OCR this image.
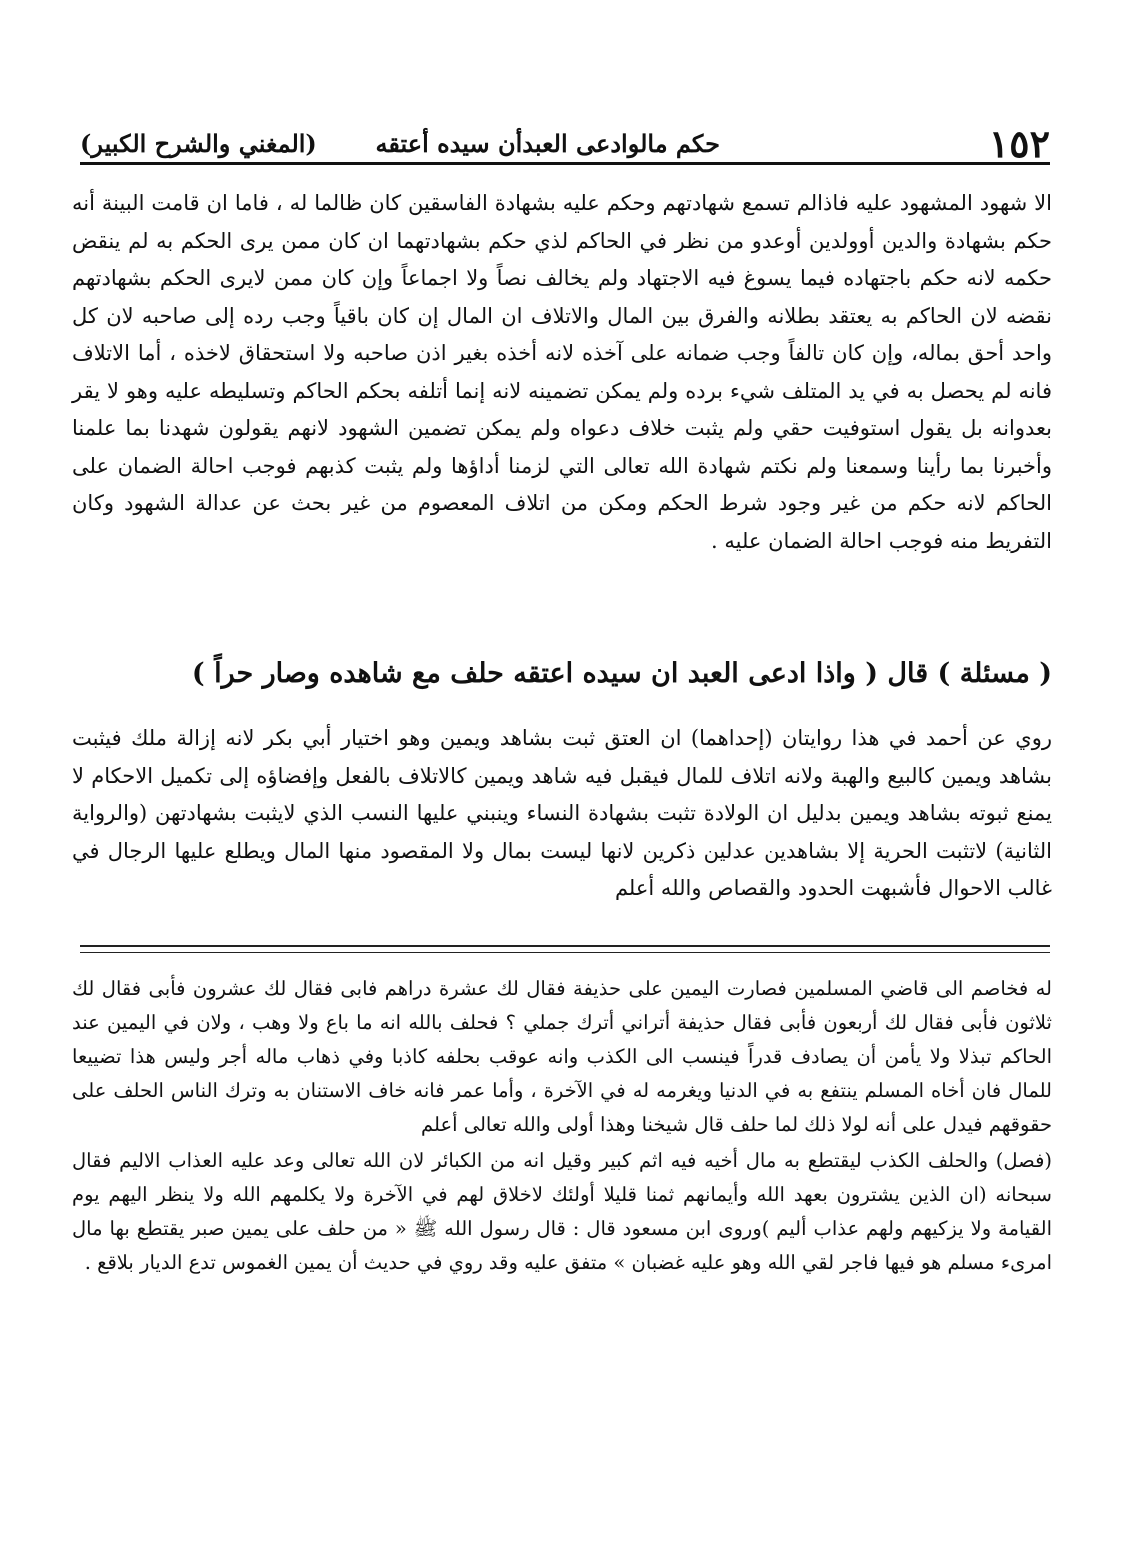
١٥٢
حكم مالوادعى العبدأن سيده أعتقه
(المغني والشرح الكبير)

الا شهود المشهود عليه فاذالم تسمع شهادتهم وحكم عليه بشهادة الفاسقين كان ظالما له ، فاما ان قامت البينة أنه حكم بشهادة والدين أوولدين أوعدو من نظر في الحاكم لذي حكم بشهادتهما ان كان ممن يرى الحكم به لم ينقض حكمه لانه حكم باجتهاده فيما يسوغ فيه الاجتهاد ولم يخالف نصاً ولا اجماعاً وإن كان ممن لايرى الحكم بشهادتهم نقضه لان الحاكم به يعتقد بطلانه والفرق بين المال والاتلاف ان المال إن كان باقياً وجب رده إلى صاحبه لان كل واحد أحق بماله، وإن كان تالفاً وجب ضمانه على آخذه لانه أخذه بغير اذن صاحبه ولا استحقاق لاخذه ، أما الاتلاف فانه لم يحصل به في يد المتلف شيء برده ولم يمكن تضمينه لانه إنما أتلفه بحكم الحاكم وتسليطه عليه وهو لا يقر بعدوانه بل يقول استوفيت حقي ولم يثبت خلاف دعواه ولم يمكن تضمين الشهود لانهم يقولون شهدنا بما علمنا وأخبرنا بما رأينا وسمعنا ولم نكتم شهادة الله تعالى التي لزمنا أداؤها ولم يثبت كذبهم فوجب احالة الضمان على الحاكم لانه حكم من غير وجود شرط الحكم ومكن من اتلاف المعصوم من غير بحث عن عدالة الشهود وكان التفريط منه فوجب احالة الضمان عليه .

( مسئلة ) قال ( واذا ادعى العبد ان سيده اعتقه حلف مع شاهده وصار حراً )

روي عن أحمد في هذا روايتان (إحداهما) ان العتق ثبت بشاهد ويمين وهو اختيار أبي بكر لانه إزالة ملك فيثبت بشاهد ويمين كالبيع والهبة ولانه اتلاف للمال فيقبل فيه شاهد ويمين كالاتلاف بالفعل وإفضاؤه إلى تكميل الاحكام لا يمنع ثبوته بشاهد ويمين بدليل ان الولادة تثبت بشهادة النساء وينبني عليها النسب الذي لايثبت بشهادتهن (والرواية الثانية) لاتثبت الحرية إلا بشاهدين عدلين ذكرين لانها ليست بمال ولا المقصود منها المال ويطلع عليها الرجال في غالب الاحوال فأشبهت الحدود والقصاص والله أعلم

له فخاصم الى قاضي المسلمين فصارت اليمين على حذيفة فقال لك عشرة دراهم فابى فقال لك عشرون فأبى فقال لك ثلاثون فأبى فقال لك أربعون فأبى فقال حذيفة أتراني أترك جملي ؟ فحلف بالله انه ما باع ولا وهب ، ولان في اليمين عند الحاكم تبذلا ولا يأمن أن يصادف قدراً فينسب الى الكذب وانه عوقب بحلفه كاذبا وفي ذهاب ماله أجر وليس هذا تضييعا للمال فان أخاه المسلم ينتفع به في الدنيا ويغرمه له في الآخرة ، وأما عمر فانه خاف الاستنان به وترك الناس الحلف على حقوقهم فيدل على أنه لولا ذلك لما حلف قال شيخنا وهذا أولى والله تعالى أعلم

(فصل) والحلف الكذب ليقتطع به مال أخيه فيه اثم كبير وقيل انه من الكبائر لان الله تعالى وعد عليه العذاب الاليم فقال سبحانه (ان الذين يشترون بعهد الله وأيمانهم ثمنا قليلا أولئك لاخلاق لهم في الآخرة ولا يكلمهم الله ولا ينظر اليهم يوم القيامة ولا يزكيهم ولهم عذاب أليم )وروى ابن مسعود قال : قال رسول الله ﷺ « من حلف على يمين صبر يقتطع بها مال امرىء مسلم هو فيها فاجر لقي الله وهو عليه غضبان » متفق عليه وقد روي في حديث أن يمين الغموس تدع الديار بلاقع .
